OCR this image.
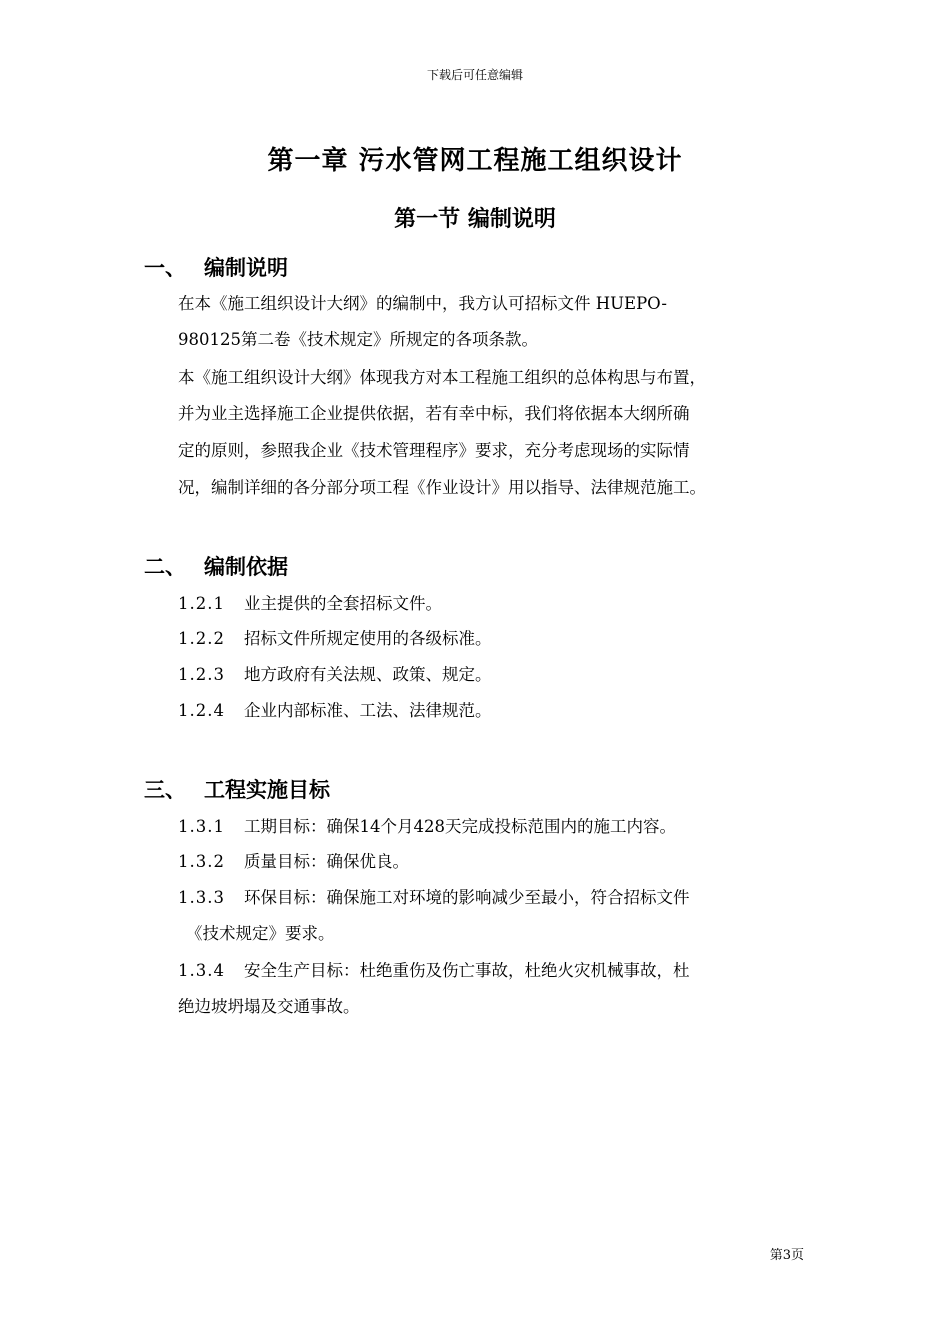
下载后可任意编辑
第一章 污水管网工程施工组织设计
第一节 编制说明
一、 编制说明
在本《施工组织设计大纲》的编制中，我方认可招标文件 HUEPO-
980125第二卷《技术规定》所规定的各项条款。
本《施工组织设计大纲》体现我方对本工程施工组织的总体构思与布置，
并为业主选择施工企业提供依据，若有幸中标，我们将依据本大纲所确
定的原则，参照我企业《技术管理程序》要求，充分考虑现场的实际情
况，编制详细的各分部分项工程《作业设计》用以指导、法律规范施工。
二、 编制依据
1.2.1 业主提供的全套招标文件。
1.2.2 招标文件所规定使用的各级标准。
1.2.3 地方政府有关法规、政策、规定。
1.2.4 企业内部标准、工法、法律规范。
三、 工程实施目标
1.3.1 工期目标：确保14个月428天完成投标范围内的施工内容。
1.3.2 质量目标：确保优良。
1.3.3 环保目标：确保施工对环境的影响减少至最小，符合招标文件
《技术规定》要求。
1.3.4 安全生产目标：杜绝重伤及伤亡事故，杜绝火灾机械事故，杜
绝边坡坍塌及交通事故。
第3页
